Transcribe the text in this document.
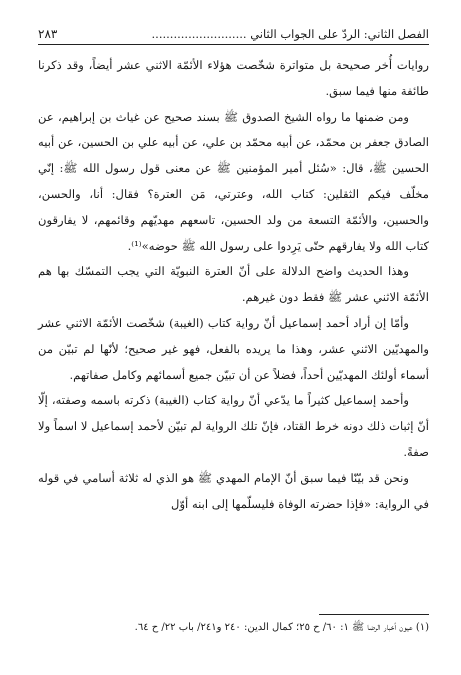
الفصل الثاني: الردّ على الجواب الثاني ..........................
٢٨٣

روايات أُخر صحيحة بل متواترة شخّصت هؤلاء الأئمّة الاثني عشر أيضاً، وقد ذكرنا طائفة منها فيما سبق.

ومن ضمنها ما رواه الشيخ الصدوق ﷺ بسند صحيح عن غياث بن إبراهيم، عن الصادق جعفر بن محمّد، عن أبيه محمّد بن علي، عن أبيه علي بن الحسين، عن أبيه الحسين ﷺ، قال: «سُئل أمير المؤمنين ﷺ عن معنى قول رسول الله ﷺ: إنّي مخلّف فيكم الثقلين: كتاب الله، وعترتي، مَن العترة؟ فقال: أنا، والحسن، والحسين، والأئمّة التسعة من ولد الحسين، تاسعهم مهديّهم وقائمهم، لا يفارقون كتاب الله ولا يفارقهم حتّى يَرِدوا على رسول الله ﷺ حوضه»⁽¹⁾.

وهذا الحديث واضح الدلالة على أنّ العترة النبويّة التي يجب التمسّك بها هم الأئمّة الاثني عشر ﷺ فقط دون غيرهم.

وأمّا إن أراد أحمد إسماعيل أنّ رواية كتاب (الغيبة) شخّصت الأئمّة الاثني عشر والمهديّين الاثني عشر، وهذا ما يريده بالفعل، فهو غير صحيح؛ لأنّها لم تبيّن من أسماء أولئك المهديّين أحداً، فضلاً عن أن تبيّن جميع أسمائهم وكامل صفاتهم.

وأحمد إسماعيل كثيراً ما يدّعي أنّ رواية كتاب (الغيبة) ذكرته باسمه وصفته، إلّا أنّ إثبات ذلك دونه خرط القتاد، فإنّ تلك الرواية لم تبيّن لأحمد إسماعيل لا اسماً ولا صفةً.

ونحن قد بيّنّا فيما سبق أنّ الإمام المهدي ﷺ هو الذي له ثلاثة أسامي في قوله في الرواية: «فإذا حضرته الوفاة فليسلّمها إلى ابنه أوّل

(١) عيون أخبار الرضا ﷺ ١: ٦٠/ ح ٢٥؛ كمال الدين: ٢٤٠ و٢٤١/ باب ٢٢/ ح ٦٤.
